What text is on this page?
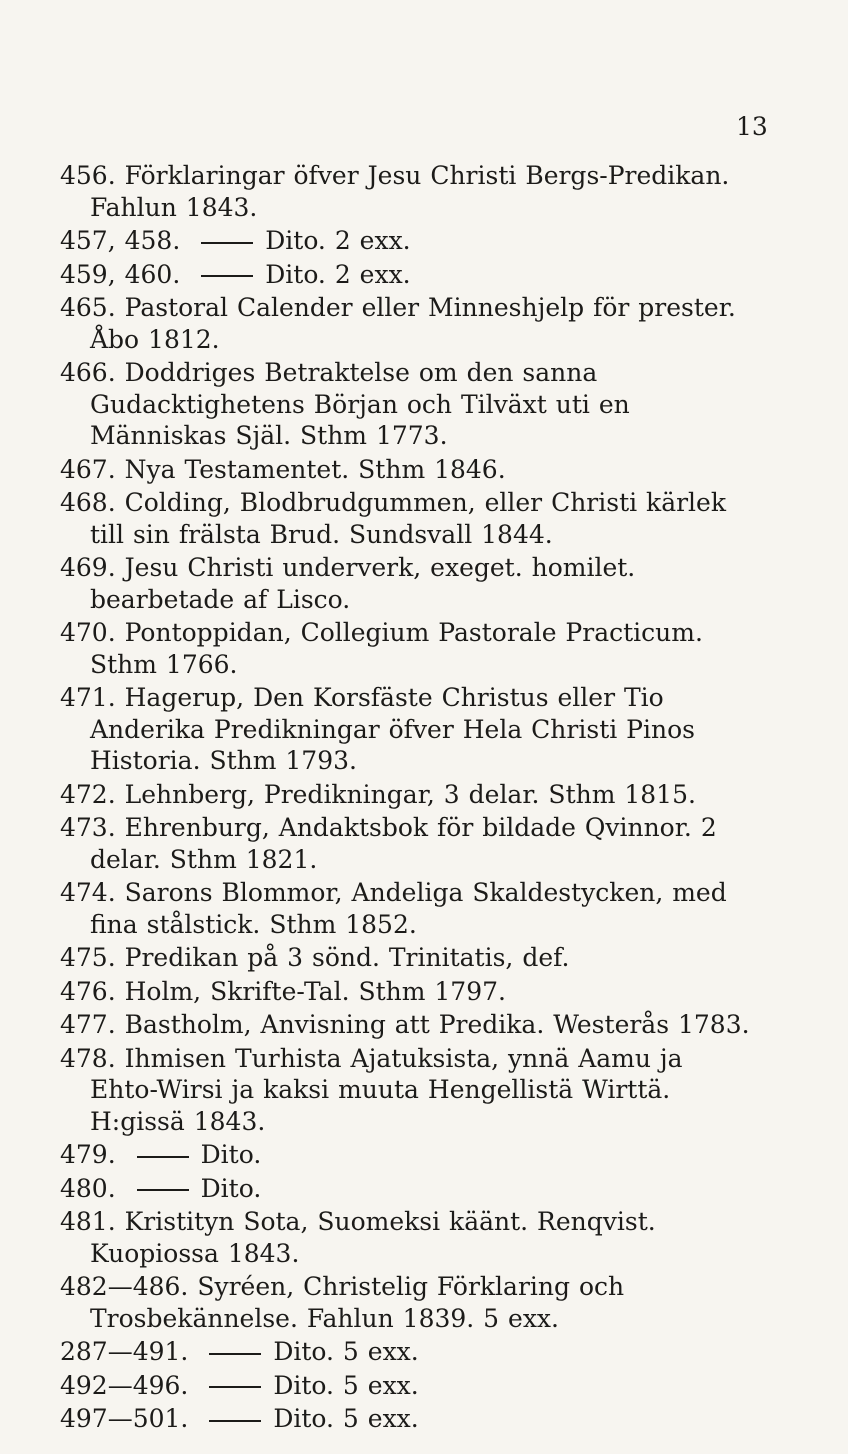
13
456. Förklaringar öfver Jesu Christi Bergs-Predikan. Fahlun 1843.
457, 458.	Dito. 2 exx.
459, 460.	Dito. 2 exx.
465. Pastoral Calender eller Minneshjelp för prester. Åbo 1812.
466. Doddriges Betraktelse om den sanna Gudacktighetens Början och Tilväxt uti en Människas Själ. Sthm 1773.
467. Nya Testamentet. Sthm 1846.
468. Colding, Blodbrudgummen, eller Christi kärlek till sin frälsta Brud. Sundsvall 1844.
469. Jesu Christi underverk, exeget. homilet. bearbetade af Lisco.
470. Pontoppidan, Collegium Pastorale Practicum. Sthm 1766.
471. Hagerup, Den Korsfäste Christus eller Tio Anderika Predikningar öfver Hela Christi Pinos Historia. Sthm 1793.
472. Lehnberg, Predikningar, 3 delar. Sthm 1815.
473. Ehrenburg, Andaktsbok för bildade Qvinnor. 2 delar. Sthm 1821.
474. Sarons Blommor, Andeliga Skaldestycken, med fina stålstick. Sthm 1852.
475. Predikan på 3 sönd. Trinitatis, def.
476. Holm, Skrifte-Tal. Sthm 1797.
477. Bastholm, Anvisning att Predika. Westerås 1783.
478. Ihmisen Turhista Ajatuksista, ynnä Aamu ja Ehto-Wirsi ja kaksi muuta Hengellistä Wirttä. H:gissä 1843.
479.	Dito.
480.	Dito.
481. Kristityn Sota, Suomeksi käänt. Renqvist. Kuopiossa 1843.
482—486. Syréen, Christelig Förklaring och Trosbekännelse. Fahlun 1839. 5 exx.
287—491.	Dito. 5 exx.
492—496.	Dito. 5 exx.
497—501.	Dito. 5 exx.
